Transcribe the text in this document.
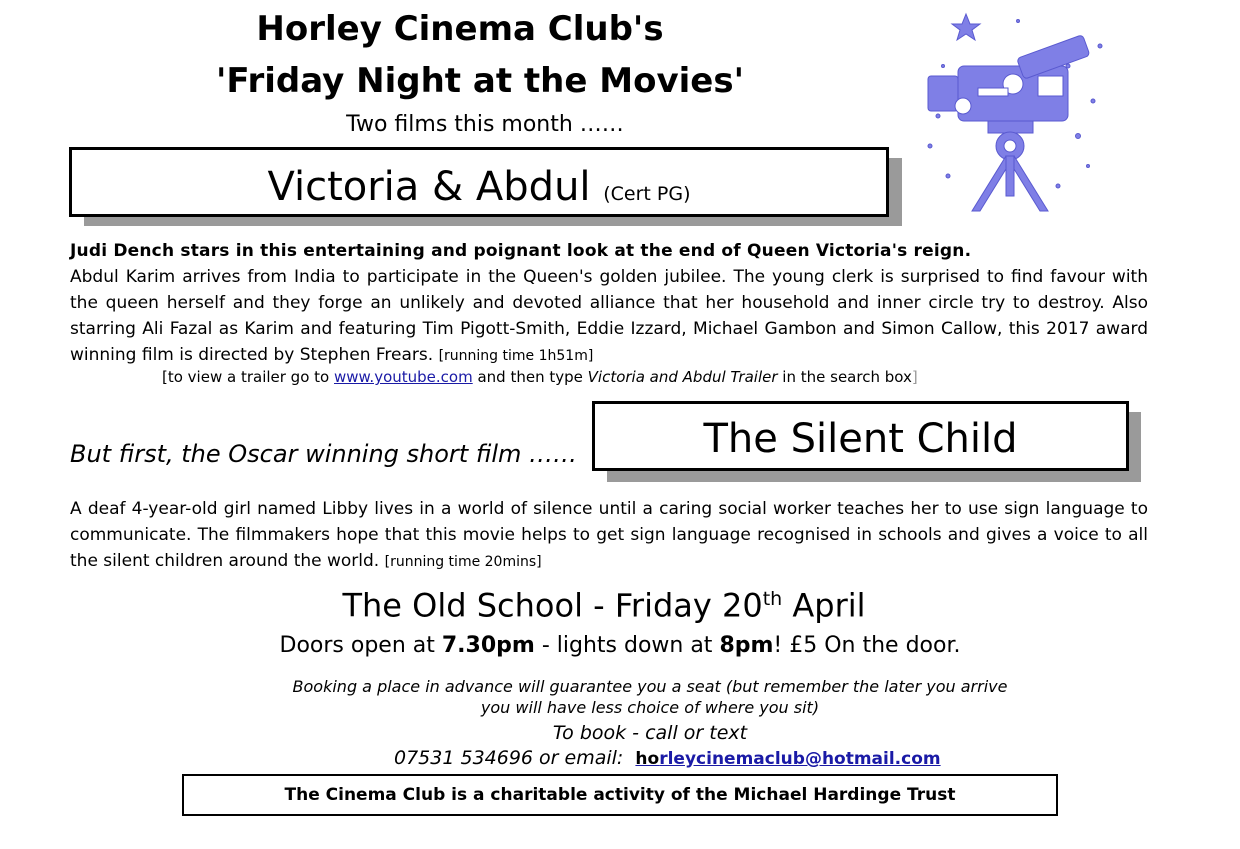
Horley Cinema Club's
'Friday Night at the Movies'
Two films this month ……
Victoria & Abdul (Cert PG)
Judi Dench stars in this entertaining and poignant look at the end of Queen Victoria's reign.
Abdul Karim arrives from India to participate in the Queen's golden jubilee. The young clerk is surprised to find favour with the queen herself and they forge an unlikely and devoted alliance that her household and inner circle try to destroy. Also starring Ali Fazal as Karim and featuring Tim Pigott-Smith, Eddie Izzard, Michael Gambon and Simon Callow, this 2017 award winning film is directed by Stephen Frears. [running time 1h51m]
[to view a trailer go to www.youtube.com and then type Victoria and Abdul Trailer in the search box]
But first, the Oscar winning short film ……	The Silent Child
A deaf 4-year-old girl named Libby lives in a world of silence until a caring social worker teaches her to use sign language to communicate. The filmmakers hope that this movie helps to get sign language recognised in schools and gives a voice to all the silent children around the world. [running time 20mins]
The Old School - Friday 20th April
Doors open at 7.30pm - lights down at 8pm! £5 On the door.
Booking a place in advance will guarantee you a seat (but remember the later you arrive
you will have less choice of where you sit)
To book - call or text
07531 534696 or email: horleycinemaclub@hotmail.com
The Cinema Club is a charitable activity of the Michael Hardinge Trust
